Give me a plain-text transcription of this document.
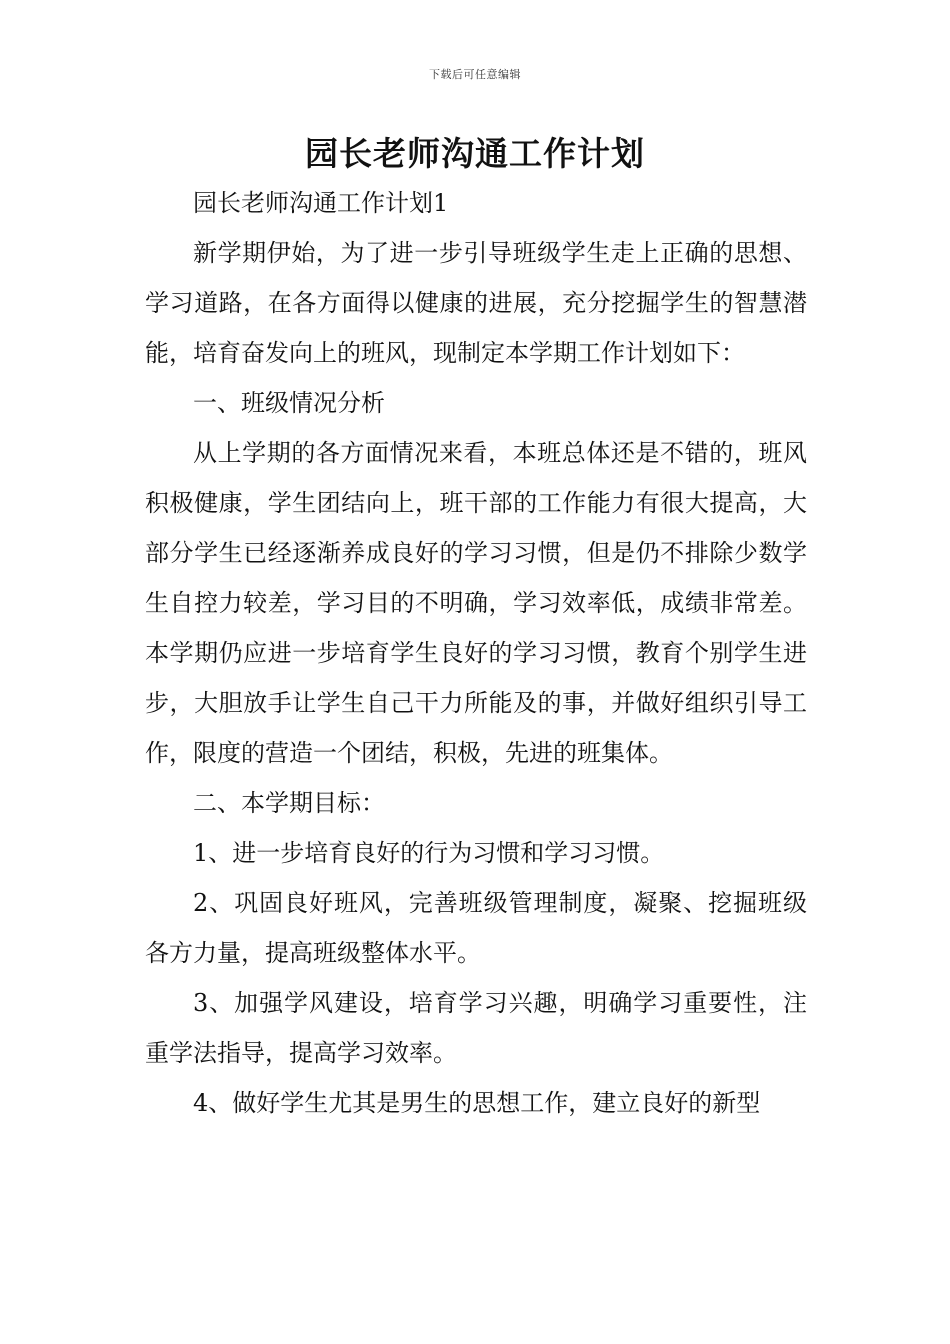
下载后可任意编辑
园长老师沟通工作计划

园长老师沟通工作计划1

新学期伊始，为了进一步引导班级学生走上正确的思想、学习道路，在各方面得以健康的进展，充分挖掘学生的智慧潜能，培育奋发向上的班风，现制定本学期工作计划如下：

一、班级情况分析

从上学期的各方面情况来看，本班总体还是不错的，班风积极健康，学生团结向上，班干部的工作能力有很大提高，大部分学生已经逐渐养成良好的学习习惯，但是仍不排除少数学生自控力较差，学习目的不明确，学习效率低，成绩非常差。本学期仍应进一步培育学生良好的学习习惯，教育个别学生进步，大胆放手让学生自己干力所能及的事，并做好组织引导工作，限度的营造一个团结，积极，先进的班集体。

二、本学期目标：

1、进一步培育良好的行为习惯和学习习惯。

2、巩固良好班风，完善班级管理制度，凝聚、挖掘班级各方力量，提高班级整体水平。

3、加强学风建设，培育学习兴趣，明确学习重要性，注重学法指导，提高学习效率。

4、做好学生尤其是男生的思想工作，建立良好的新型
